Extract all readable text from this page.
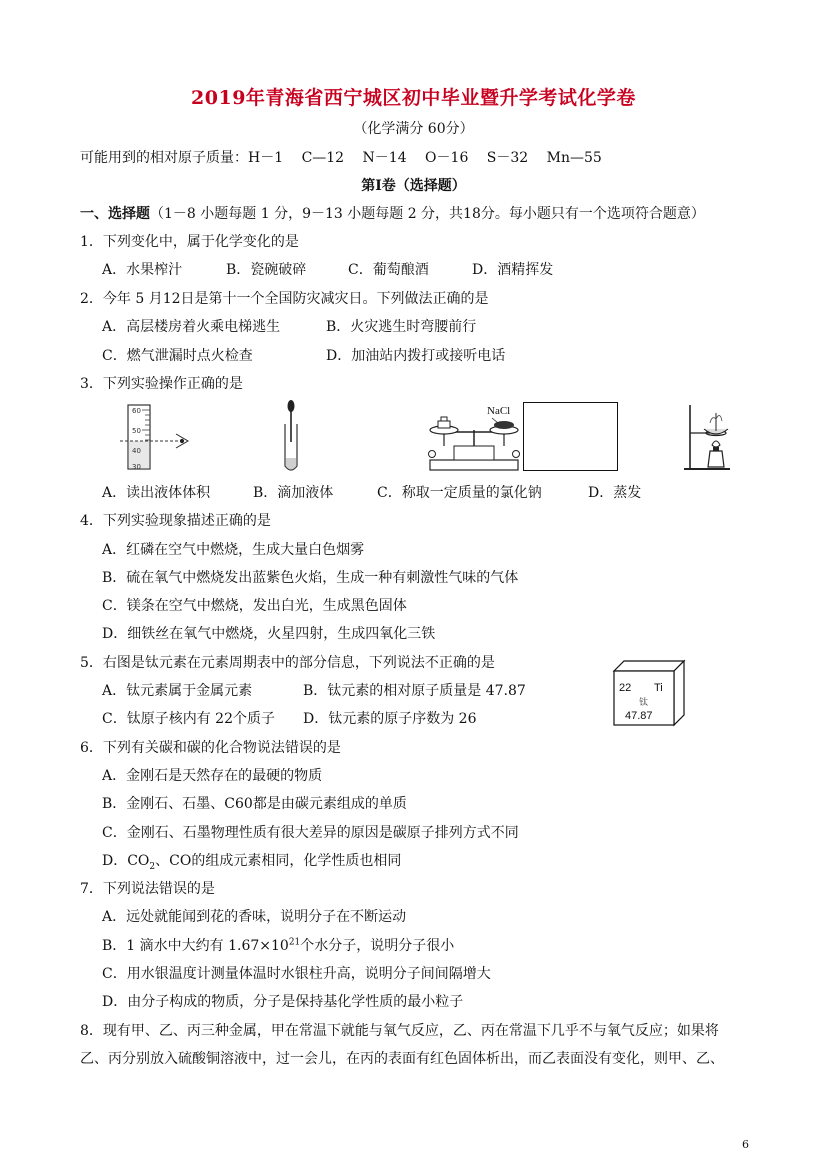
2019年青海省西宁城区初中毕业暨升学考试化学卷
（化学满分 60分）
可能用到的相对原子质量：H－1　 C—12　 N－14　 O－16　 S－32　 Mn—55
第Ⅰ卷（选择题）
一、选择题（1－8 小题每题 1 分，9－13 小题每题 2 分，共18分。每小题只有一个选项符合题意）
1．下列变化中，属于化学变化的是
A．水果榨汁	B．瓷碗破碎	C．葡萄酿酒	D．酒精挥发
2．今年 5 月12日是第十一个全国防灾减灾日。下列做法正确的是
A．高层楼房着火乘电梯逃生	B．火灾逃生时弯腰前行
C．燃气泄漏时点火检查	D．加油站内拨打或接听电话
3．下列实验操作正确的是
60
50
40
30
NaCl
A．读出液体体积	B．滴加液体	C．称取一定质量的氯化钠	D．蒸发
4．下列实验现象描述正确的是
A．红磷在空气中燃烧，生成大量白色烟雾
B．硫在氧气中燃烧发出蓝紫色火焰，生成一种有刺激性气味的气体
C．镁条在空气中燃烧，发出白光，生成黑色固体
D．细铁丝在氧气中燃烧，火星四射，生成四氧化三铁
5．右图是钛元素在元素周期表中的部分信息，下列说法不正确的是
A．钛元素属于金属元素	B．钛元素的相对原子质量是 47.87
C．钛原子核内有 22个质子 D．钛元素的原子序数为 26
22 Ti
钛
47.87
6．下列有关碳和碳的化合物说法错误的是
A．金刚石是天然存在的最硬的物质
B．金刚石、石墨、C60都是由碳元素组成的单质
C．金刚石、石墨物理性质有很大差异的原因是碳原子排列方式不同
D．$CO_2$、CO的组成元素相同，化学性质也相同
7．下列说法错误的是
A．远处就能闻到花的香味，说明分子在不断运动
B．1 滴水中大约有 $1.67\times 10^{21}$个水分子，说明分子很小
C．用水银温度计测量体温时水银柱升高，说明分子间间隔增大
D．由分子构成的物质，分子是保持基化学性质的最小粒子
8．现有甲、乙、丙三种金属，甲在常温下就能与氧气反应，乙、丙在常温下几乎不与氧气反应；如果将
乙、丙分别放入硫酸铜溶液中，过一会儿，在丙的表面有红色固体析出，而乙表面没有变化，则甲、乙、
6
